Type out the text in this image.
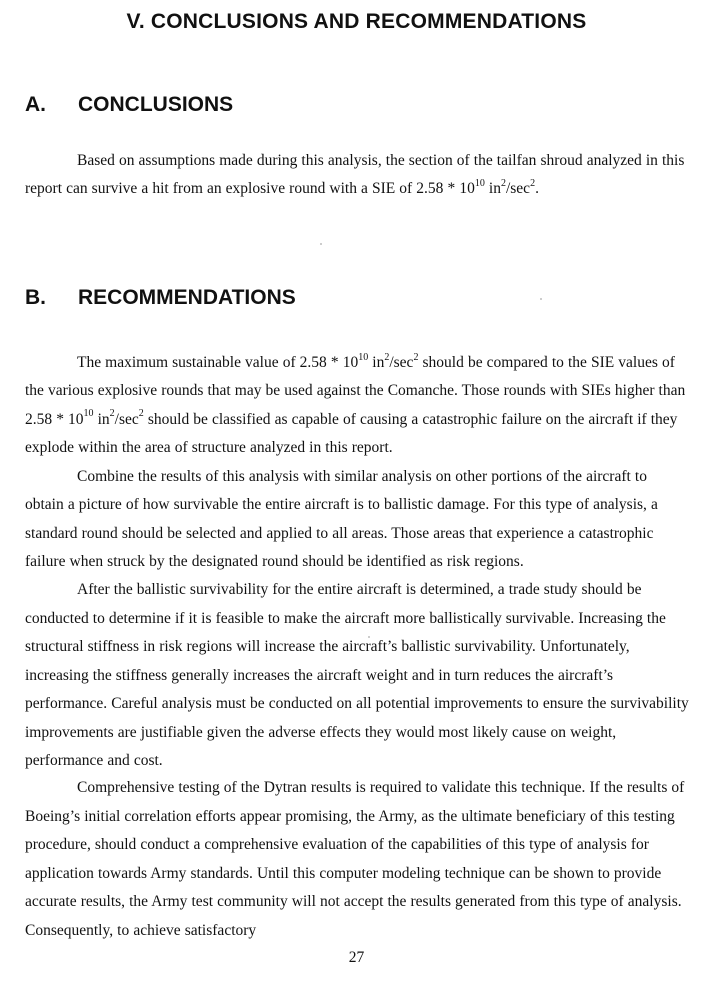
V. CONCLUSIONS AND RECOMMENDATIONS
A. CONCLUSIONS

Based on assumptions made during this analysis, the section of the tailfan shroud analyzed in this report can survive a hit from an explosive round with a SIE of $2.58 * 10^{10}$ $in^2/\sec^2$.

B. RECOMMENDATIONS

The maximum sustainable value of $2.58 * 10^{10}$ $in^2/\sec^2$ should be compared to the SIE values of the various explosive rounds that may be used against the Comanche. Those rounds with SIEs higher than $2.58 * 10^{10}$ $in^2/\sec^2$ should be classified as capable of causing a catastrophic failure on the aircraft if they explode within the area of structure analyzed in this report.

Combine the results of this analysis with similar analysis on other portions of the aircraft to obtain a picture of how survivable the entire aircraft is to ballistic damage. For this type of analysis, a standard round should be selected and applied to all areas. Those areas that experience a catastrophic failure when struck by the designated round should be identified as risk regions.

After the ballistic survivability for the entire aircraft is determined, a trade study should be conducted to determine if it is feasible to make the aircraft more ballistically survivable. Increasing the structural stiffness in risk regions will increase the aircraft’s ballistic survivability. Unfortunately, increasing the stiffness generally increases the aircraft weight and in turn reduces the aircraft’s performance. Careful analysis must be conducted on all potential improvements to ensure the survivability improvements are justifiable given the adverse effects they would most likely cause on weight, performance and cost.

Comprehensive testing of the Dytran results is required to validate this technique. If the results of Boeing’s initial correlation efforts appear promising, the Army, as the ultimate beneficiary of this testing procedure, should conduct a comprehensive evaluation of the capabilities of this type of analysis for application towards Army standards. Until this computer modeling technique can be shown to provide accurate results, the Army test community will not accept the results generated from this type of analysis. Consequently, to achieve satisfactory

27
